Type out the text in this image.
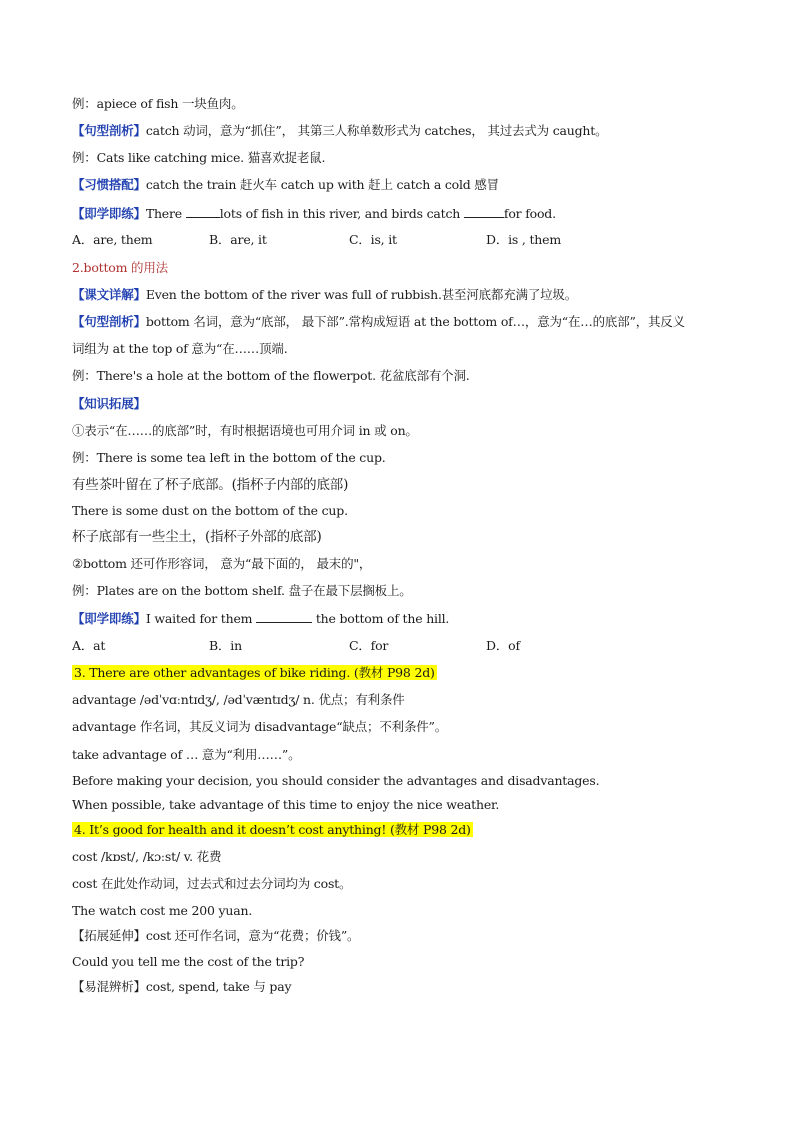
例：apiece of fish 一块鱼肉。
【句型剖析】catch 动词，意为“抓住”， 其第三人称单数形式为 catches， 其过去式为 caught。
例：Cats like catching mice. 猫喜欢捉老鼠.
【习惯搭配】catch the train 赶火车 catch up with 赶上 catch a cold 感冒
【即学即练】There	lots of fish in this river, and birds catch	for food.
A．are, them	B．are, it	C．is, it	D．is , them
2.bottom 的用法
【课文详解】Even the bottom of the river was full of rubbish.甚至河底都充满了垃圾。
【句型剖析】bottom 名词，意为“底部， 最下部”.常构成短语 at the bottom of…，意为“在…的底部”，其反义
词组为 at the top of 意为“在……顶端.
例：There's a hole at the bottom of the flowerpot. 花盆底部有个洞.
【知识拓展】
①表示“在……的底部”时，有时根据语境也可用介词 in 或 on。
例：There is some tea left in the bottom of the cup.
有些茶叶留在了杯子底部。(指杯子内部的底部)
There is some dust on the bottom of the cup.
杯子底部有一些尘土，(指杯子外部的底部)
②bottom 还可作形容词， 意为“最下面的， 最末的"，
例：Plates are on the bottom shelf. 盘子在最下层搁板上。
【即学即练】I waited for them	the bottom of the hill.
A．at	B．in	C．for	D．of
3. There are other advantages of bike riding. (教材 P98 2d)
advantage /ədˈvɑːntɪdʒ/, /ədˈvæntɪdʒ/ n. 优点；有利条件
advantage 作名词，其反义词为 disadvantage“缺点；不利条件”。
take advantage of … 意为“利用……”。
Before making your decision, you should consider the advantages and disadvantages.
When possible, take advantage of this time to enjoy the nice weather.
4. It’s good for health and it doesn’t cost anything! (教材 P98 2d)
cost /kɒst/, /kɔːst/ v. 花费
cost 在此处作动词，过去式和过去分词均为 cost。
The watch cost me 200 yuan.
【拓展延伸】cost 还可作名词，意为“花费；价钱”。
Could you tell me the cost of the trip?
【易混辨析】cost, spend, take 与 pay
